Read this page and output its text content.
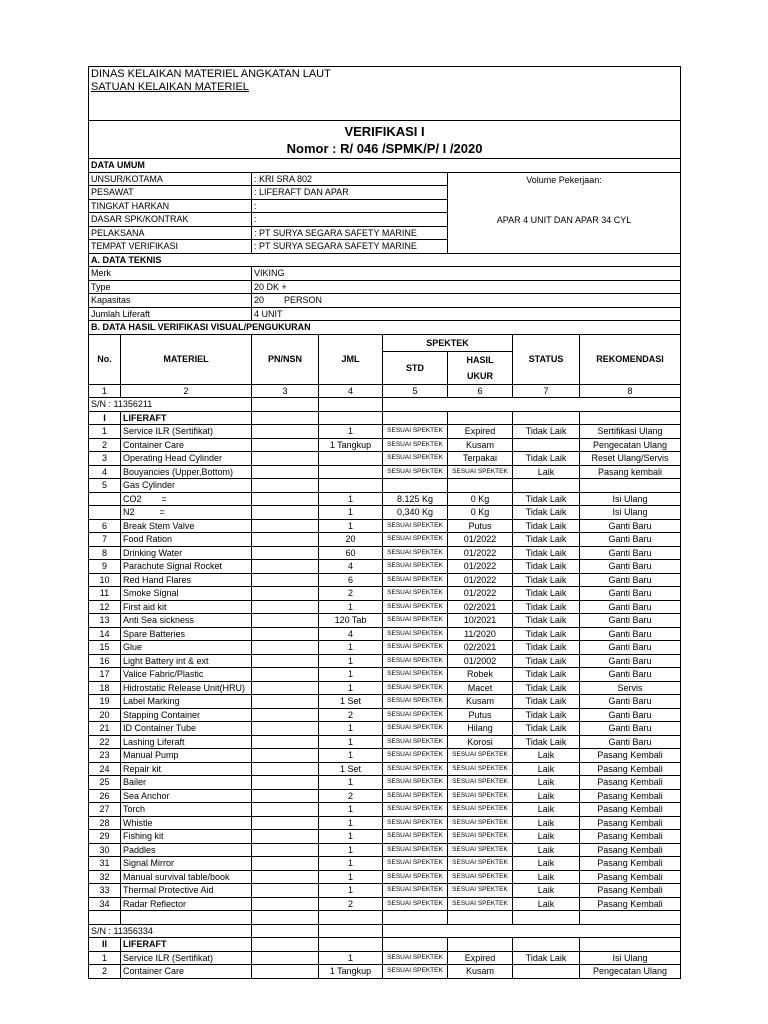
DINAS KELAIKAN MATERIEL ANGKATAN LAUT
SATUAN KELAIKAN MATERIEL							

VERIFIKASI I
Nomor : R/ 046 /SPMK/P/ I /2020							

DATA UMUM							
UNSUR/KOTAMA		: KRI SRA 802			Volume Pekerjaan:
APAR 4 UNIT DAN APAR 34 CYL		

PESAWAT		: LIFERAFT DAN APAR					
TINGKAT HARKAN		:					
DASAR SPK/KONTRAK		:					
PELAKSANA		: PT SURYA SEGARA SAFETY MARINE					
TEMPAT VERIFIKASI		: PT SURYA SEGARA SAFETY MARINE					
A. DATA TEKNIS							
Merk		VIKING					
Type		20 DK +					
Kapasitas		20        PERSON					
Jumlah Liferaft		4 UNIT					
B. DATA HASIL VERIFIKASI VISUAL/PENGUKURAN							
No.	MATERIEL	PN/NSN	JML	SPEKTEK		STATUS	REKOMENDASI
				STD	HASIL		
					UKUR		
1	2	3	4	5	6	7	8
S/N : 11356211							
I	LIFERAFT						
1	Service ILR (Sertifikat)		1	SESUAI SPEKTEK	Expired	Tidak Laik	Sertifikasi Ulang
2	Container Care		1 Tangkup	SESUAI SPEKTEK	Kusam		Pengecatan Ulang
3	Operating Head Cylinder			SESUAI SPEKTEK	Terpakai	Tidak Laik	Reset Ulang/Servis
4	Bouyancies (Upper,Bottom)			SESUAI SPEKTEK	SESUAI SPEKTEK	Laik	Pasang kembali
5	Gas Cylinder						
	CO2        =		1	8.125 Kg	0 Kg	Tidak Laik	Isi Ulang
	N2          =		1	0,340 Kg	0 Kg	Tidak Laik	Isi Ulang
6	Break Stem Valve		1	SESUAI SPEKTEK	Putus	Tidak Laik	Ganti Baru
7	Food Ration		20	SESUAI SPEKTEK	01/2022	Tidak Laik	Ganti Baru
8	Drinking Water		60	SESUAI SPEKTEK	01/2022	Tidak Laik	Ganti Baru
9	Parachute Signal Rocket		4	SESUAI SPEKTEK	01/2022	Tidak Laik	Ganti Baru
10	Red Hand Flares		6	SESUAI SPEKTEK	01/2022	Tidak Laik	Ganti Baru
11	Smoke Signal		2	SESUAI SPEKTEK	01/2022	Tidak Laik	Ganti Baru
12	First aid kit		1	SESUAI SPEKTEK	02/2021	Tidak Laik	Ganti Baru
13	Anti Sea sickness		120 Tab	SESUAI SPEKTEK	10/2021	Tidak Laik	Ganti Baru
14	Spare Batteries		4	SESUAI SPEKTEK	11/2020	Tidak Laik	Ganti Baru
15	Glue		1	SESUAI SPEKTEK	02/2021	Tidak Laik	Ganti Baru
16	Light Battery int & ext		1	SESUAI SPEKTEK	01/2002	Tidak Laik	Ganti Baru
17	Valice Fabric/Plastic		1	SESUAI SPEKTEK	Robek	Tidak Laik	Ganti Baru
18	Hidrostatic Release Unit(HRU)		1	SESUAI SPEKTEK	Macet	Tidak Laik	Servis
19	Label Marking		1 Set	SESUAI SPEKTEK	Kusam	Tidak Laik	Ganti Baru
20	Stapping Container		2	SESUAI SPEKTEK	Putus	Tidak Laik	Ganti Baru
21	ID Container Tube		1	SESUAI SPEKTEK	Hilang	Tidak Laik	Ganti Baru
22	Lashing Liferaft		1	SESUAI SPEKTEK	Korosi	Tidak Laik	Ganti Baru
23	Manual Pump		1	SESUAI SPEKTEK	SESUAI SPEKTEK	Laik	Pasang Kembali
24	Repair kit		1 Set	SESUAI SPEKTEK	SESUAI SPEKTEK	Laik	Pasang Kembali
25	Bailer		1	SESUAI SPEKTEK	SESUAI SPEKTEK	Laik	Pasang Kembali
26	Sea Anchor		2	SESUAI SPEKTEK	SESUAI SPEKTEK	Laik	Pasang Kembali
27	Torch		1	SESUAI SPEKTEK	SESUAI SPEKTEK	Laik	Pasang Kembali
28	Whistle		1	SESUAI SPEKTEK	SESUAI SPEKTEK	Laik	Pasang Kembali
29	Fishing kit		1	SESUAI SPEKTEK	SESUAI SPEKTEK	Laik	Pasang Kembali
30	Paddles		1	SESUAI SPEKTEK	SESUAI SPEKTEK	Laik	Pasang Kembali
31	Signal Mirror		1	SESUAI SPEKTEK	SESUAI SPEKTEK	Laik	Pasang Kembali
32	Manual survival table/book		1	SESUAI SPEKTEK	SESUAI SPEKTEK	Laik	Pasang Kembali
33	Thermal Protective Aid		1	SESUAI SPEKTEK	SESUAI SPEKTEK	Laik	Pasang Kembali
34	Radar Reflector		2	SESUAI SPEKTEK	SESUAI SPEKTEK	Laik	Pasang Kembali

S/N : 11356334							
II	LIFERAFT						
1	Service ILR (Sertifikat)		1	SESUAI SPEKTEK	Expired	Tidak Laik	Isi Ulang
2	Container Care		1 Tangkup	SESUAI SPEKTEK	Kusam		Pengecatan Ulang
